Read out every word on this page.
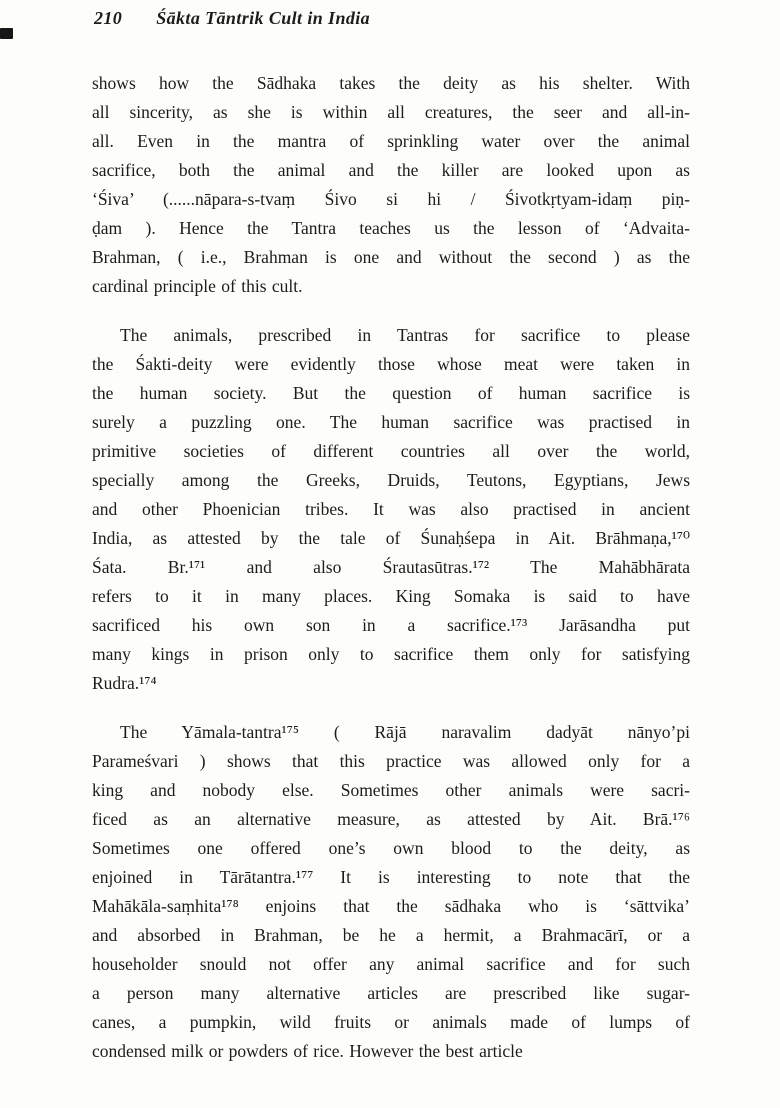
210 Śākta Tāntrik Cult in India
shows how the Sādhaka takes the deity as his shelter. With
all sincerity, as she is within all creatures, the seer and all-in-
all. Even in the mantra of sprinkling water over the animal
sacrifice, both the animal and the killer are looked upon as
‘Śiva’ (......nāpara-s-tvaṃ Śivo si hi / Śivotkṛtyam-idaṃ piṇ-
ḍam ). Hence the Tantra teaches us the lesson of ‘Advaita-
Brahman, ( i.e., Brahman is one and without the second ) as the
cardinal principle of this cult.
The animals, prescribed in Tantras for sacrifice to please
the Śakti-deity were evidently those whose meat were taken in
the human society. But the question of human sacrifice is
surely a puzzling one. The human sacrifice was practised in
primitive societies of different countries all over the world,
specially among the Greeks, Druids, Teutons, Egyptians, Jews
and other Phoenician tribes. It was also practised in ancient
India, as attested by the tale of Śunaḥśepa in Ait. Brāhmaṇa,¹⁷⁰
Śata. Br.¹⁷¹ and also Śrautasūtras.¹⁷² The Mahābhārata
refers to it in many places. King Somaka is said to have
sacrificed his own son in a sacrifice.¹⁷³ Jarāsandha put
many kings in prison only to sacrifice them only for satisfying
Rudra.¹⁷⁴
The Yāmala-tantra¹⁷⁵ ( Rājā naravalim dadyāt nānyo’pi
Parameśvari ) shows that this practice was allowed only for a
king and nobody else. Sometimes other animals were sacri-
ficed as an alternative measure, as attested by Ait. Brā.¹⁷⁶
Sometimes one offered one’s own blood to the deity, as
enjoined in Tārātantra.¹⁷⁷ It is interesting to note that the
Mahākāla-saṃhita¹⁷⁸ enjoins that the sādhaka who is ‘sāttvika’
and absorbed in Brahman, be he a hermit, a Brahmacārī, or a
householder snould not offer any animal sacrifice and for such
a person many alternative articles are prescribed like sugar-
canes, a pumpkin, wild fruits or animals made of lumps of
condensed milk or powders of rice. However the best article
